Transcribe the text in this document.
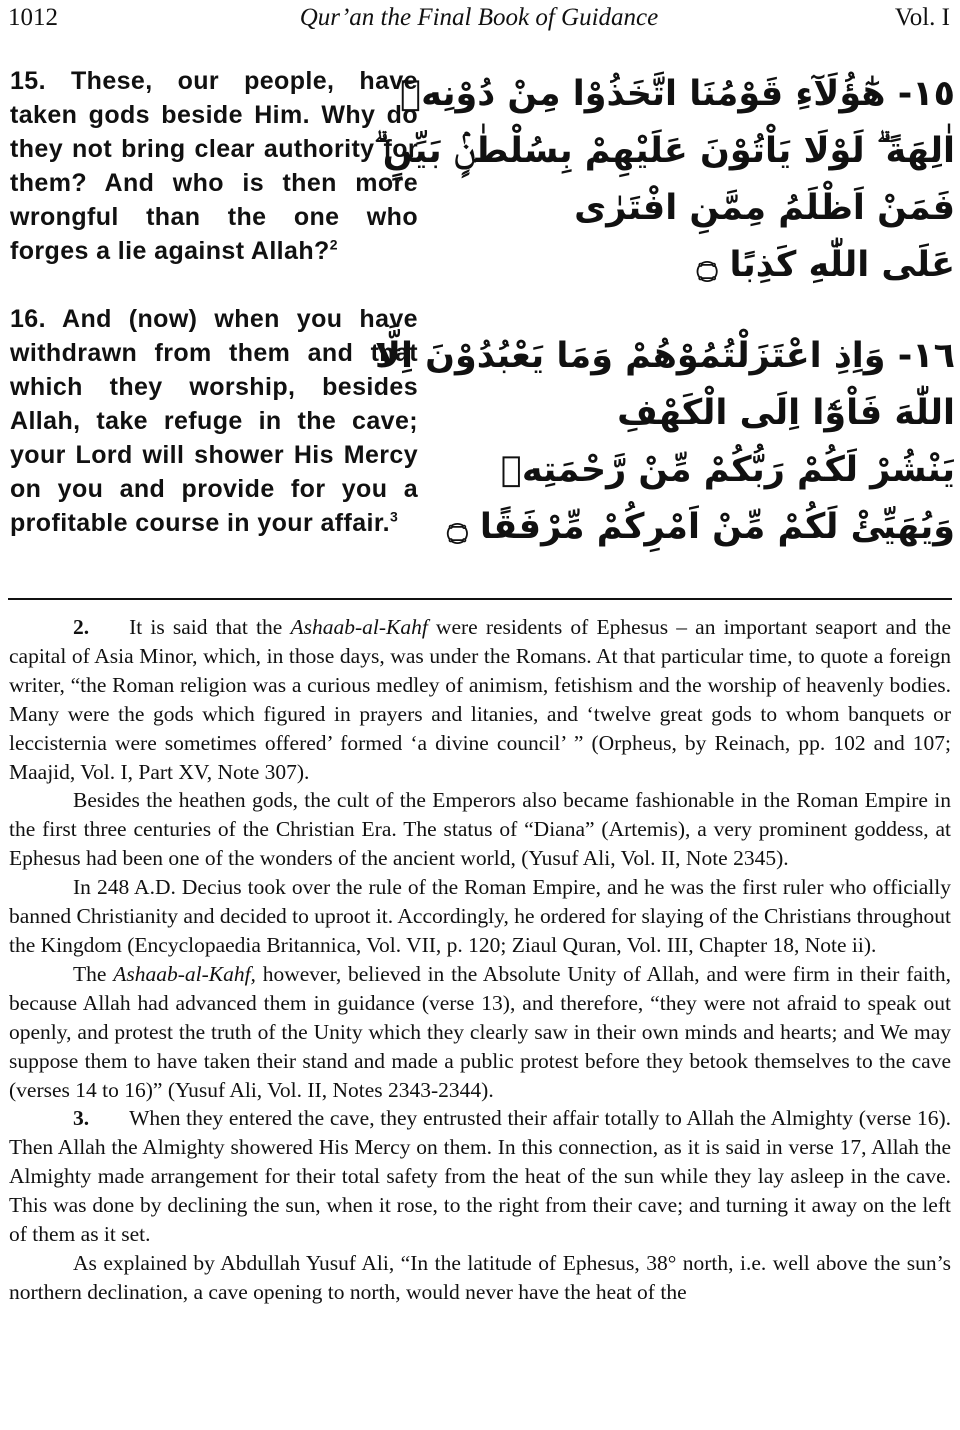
1012	Qur’an the Final Book of Guidance	Vol. I
15. These, our people, have taken gods beside Him. Why do they not bring clear authority for them? And who is then more wrongful than the one who forges a lie against Allah?$^2$
١٥- هٰٓؤُلَآءِ قَوْمُنَا اتَّخَذُوْا مِنْ دُوْنِهٖٓ
اٰلِهَةً ۗ لَوْلَا يَاْتُوْنَ عَلَيْهِمْ بِسُلْطٰنٍۢ بَيِّنٍ ۗ
فَمَنْ اَظْلَمُ مِمَّنِ افْتَرٰى
عَلَى اللّٰهِ كَذِبًا ۝
16. And (now) when you have withdrawn from them and that which they worship, besides Allah, take refuge in the cave; your Lord will shower His Mercy on you and provide for you a profitable course in your affair.$^3$
١٦- وَاِذِ اعْتَزَلْتُمُوْهُمْ وَمَا يَعْبُدُوْنَ اِلَّا
اللّٰهَ فَاْوٗٓا اِلَى الْكَهْفِ
يَنْشُرْ لَكُمْ رَبُّكُمْ مِّنْ رَّحْمَتِهٖ
وَيُهَيِّئْ لَكُمْ مِّنْ اَمْرِكُمْ مِّرْفَقًا ۝

2. It is said that the Ashaab-al-Kahf were residents of Ephesus – an important seaport and the capital of Asia Minor, which, in those days, was under the Romans. At that particular time, to quote a foreign writer, “the Roman religion was a curious medley of animism, fetishism and the worship of heavenly bodies. Many were the gods which figured in prayers and litanies, and ‘twelve great gods to whom banquets or leccisternia were sometimes offered’ formed ‘a divine council’ ” (Orpheus, by Reinach, pp. 102 and 107; Maajid, Vol. I, Part XV, Note 307).

Besides the heathen gods, the cult of the Emperors also became fashionable in the Roman Empire in the first three centuries of the Christian Era. The status of “Diana” (Artemis), a very prominent goddess, at Ephesus had been one of the wonders of the ancient world, (Yusuf Ali, Vol. II, Note 2345).

In 248 A.D. Decius took over the rule of the Roman Empire, and he was the first ruler who officially banned Christianity and decided to uproot it. Accordingly, he ordered for slaying of the Christians throughout the Kingdom (Encyclopaedia Britannica, Vol. VII, p. 120; Ziaul Quran, Vol. III, Chapter 18, Note ii).

The Ashaab-al-Kahf, however, believed in the Absolute Unity of Allah, and were firm in their faith, because Allah had advanced them in guidance (verse 13), and therefore, “they were not afraid to speak out openly, and protest the truth of the Unity which they clearly saw in their own minds and hearts; and We may suppose them to have taken their stand and made a public protest before they betook themselves to the cave (verses 14 to 16)” (Yusuf Ali, Vol. II, Notes 2343-2344).

3. When they entered the cave, they entrusted their affair totally to Allah the Almighty (verse 16). Then Allah the Almighty showered His Mercy on them. In this connection, as it is said in verse 17, Allah the Almighty made arrangement for their total safety from the heat of the sun while they lay asleep in the cave. This was done by declining the sun, when it rose, to the right from their cave; and turning it away on the left of them as it set.

As explained by Abdullah Yusuf Ali, “In the latitude of Ephesus, 38° north, i.e. well above the sun’s northern declination, a cave opening to north, would never have the heat of the
